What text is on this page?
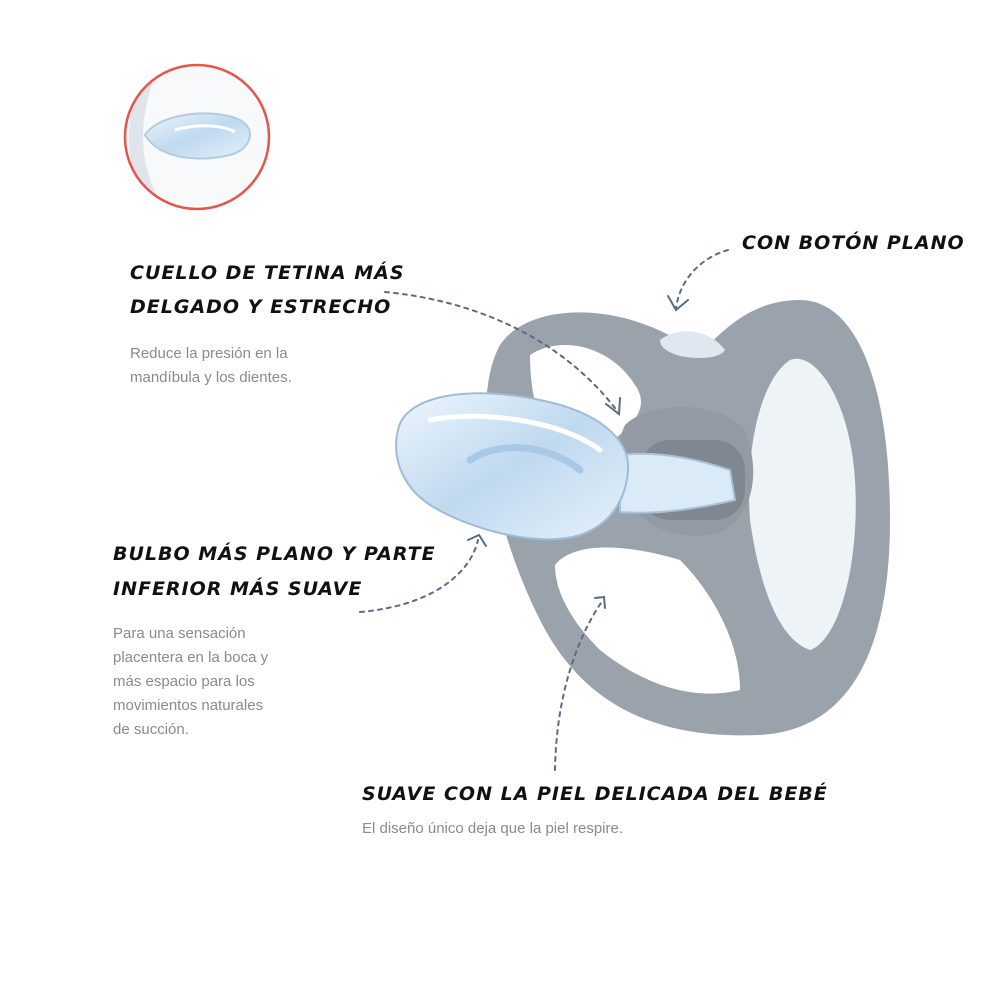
CON BOTÓN PLANO

CUELLO DE TETINA MÁS

DELGADO Y ESTRECHO

Reduce la presión en la

mandíbula y los dientes.

BULBO MÁS PLANO Y PARTE

INFERIOR MÁS SUAVE

Para una sensación

placentera en la boca y

más espacio para los

movimientos naturales

de succión.

SUAVE CON LA PIEL DELICADA DEL BEBÉ

El diseño único deja que la piel respire.
